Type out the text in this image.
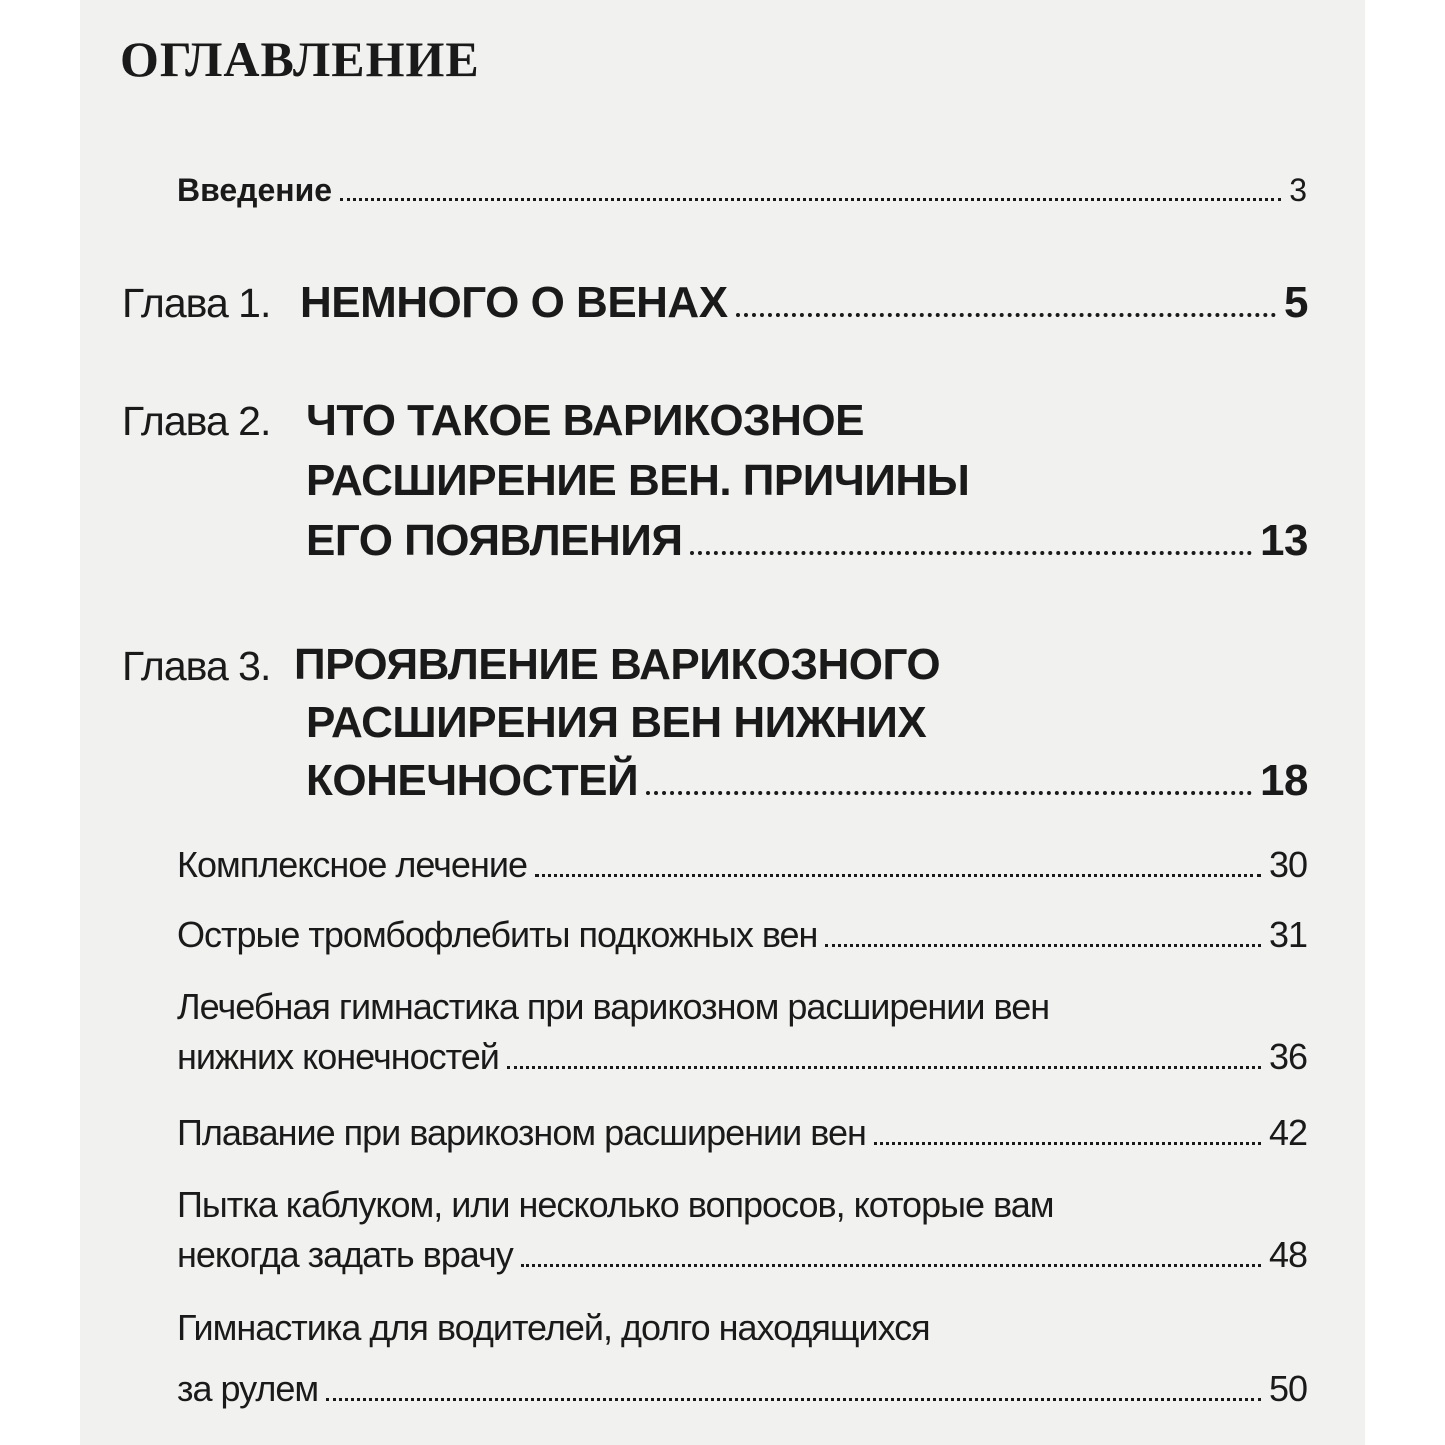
ОГЛАВЛЕНИЕ
Введение	3
Глава 1. НЕМНОГО О ВЕНАХ	5
Глава 2. ЧТО ТАКОЕ ВАРИКОЗНОЕ
РАСШИРЕНИЕ ВЕН. ПРИЧИНЫ
ЕГО ПОЯВЛЕНИЯ	13
Глава 3. ПРОЯВЛЕНИЕ ВАРИКОЗНОГО
РАСШИРЕНИЯ ВЕН НИЖНИХ
КОНЕЧНОСТЕЙ	18
Комплексное лечение	30
Острые тромбофлебиты подкожных вен	31
Лечебная гимнастика при варикозном расширении вен
нижних конечностей	36
Плавание при варикозном расширении вен	42
Пытка каблуком, или несколько вопросов, которые вам
некогда задать врачу	48
Гимнастика для водителей, долго находящихся
за рулем	50
